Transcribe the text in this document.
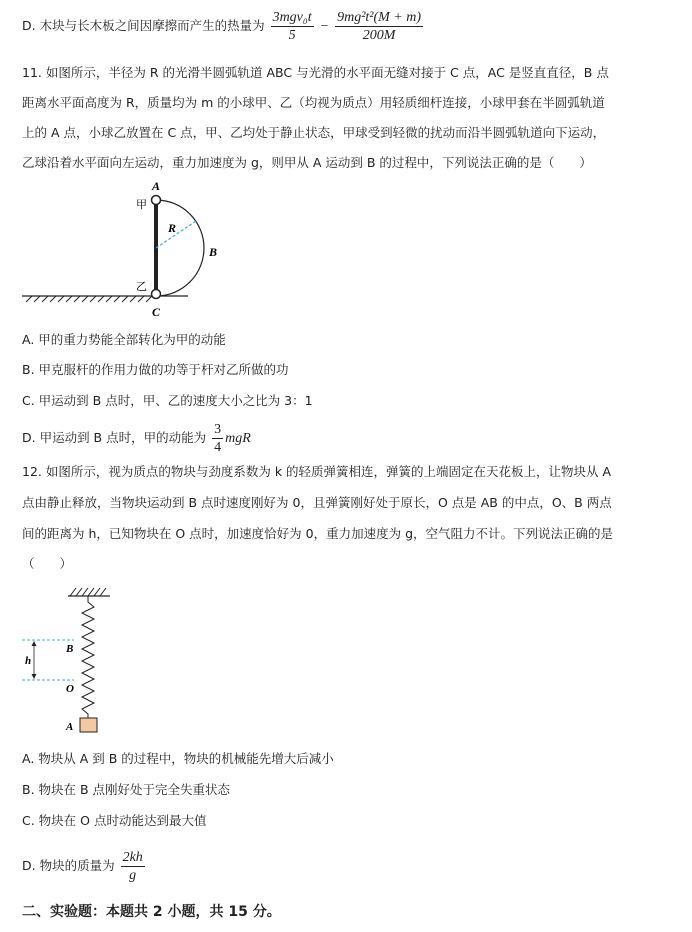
D. 木块与长木板之间因摩擦而产生的热量为 $\frac{\text{3mgv₀t}}{5} - \frac{\text{9mg²t²(M + m)}}{200M}$
11. 如图所示，半径为 R 的光滑半圆弧轨道 ABC 与光滑的水平面无缝对接于 C 点，AC 是竖直直径，B 点
距离水平面高度为 R，质量均为 m 的小球甲、乙（均视为质点）用轻质细杆连接，小球甲套在半圆弧轨道
上的 A 点，小球乙放置在 C 点，甲、乙均处于静止状态，甲球受到轻微的扰动而沿半圆弧轨道向下运动，
乙球沿着水平面向左运动，重力加速度为 g，则甲从 A 运动到 B 的过程中，下列说法正确的是（　　）
A
甲
R
B
乙
C
A. 甲的重力势能全部转化为甲的动能
B. 甲克服杆的作用力做的功等于杆对乙所做的功
C. 甲运动到 B 点时，甲、乙的速度大小之比为 3：1
D. 甲运动到 B 点时，甲的动能为 $\frac{3}{4}$ mgR
12. 如图所示，视为质点的物块与劲度系数为 k 的轻质弹簧相连，弹簧的上端固定在天花板上，让物块从 A
点由静止释放，当物块运动到 B 点时速度刚好为 0，且弹簧刚好处于原长，O 点是 AB 的中点，O、B 两点
间的距离为 h，已知物块在 O 点时，加速度恰好为 0，重力加速度为 g，空气阻力不计。下列说法正确的是
（　　）
B
h
O
A
A. 物块从 A 到 B 的过程中，物块的机械能先增大后减小
B. 物块在 B 点刚好处于完全失重状态
C. 物块在 O 点时动能达到最大值
D. 物块的质量为 $\frac{2kh}{g}$
二、实验题：本题共 2 小题，共 15 分。
